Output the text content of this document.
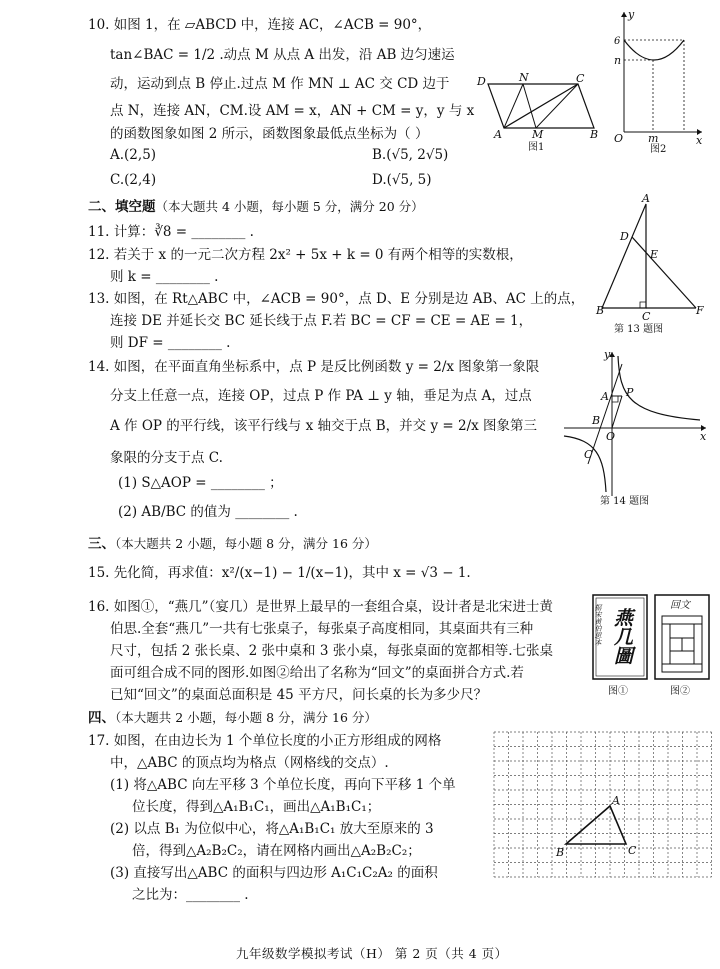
10. 如图 1，在 ▱ABCD 中，连接 AC，∠ACB = 90°，
tan∠BAC = 1/2 .动点 M 从点 A 出发，沿 AB 边匀速运
动，运动到点 B 停止.过点 M 作 MN ⊥ AC 交 CD 边于
点 N，连接 AN，CM.设 AM = x，AN + CM = y，y 与 x
的函数图象如图 2 所示，函数图象最低点坐标为（ ）
A.(2,5)	B.(√5, 2√5)
C.(2,4)	D.(√5, 5)
D	N	C
A	M	B
图1
y
6
n
O m	x
图2
二、填空题（本大题共 4 小题，每小题 5 分，满分 20 分）
11. 计算：∛8 = ________ .
12. 若关于 x 的一元二次方程 2x² + 5x + k = 0 有两个相等的实数根，
则 k = ________ .
13. 如图，在 Rt△ABC 中，∠ACB = 90°，点 D、E 分别是边 AB、AC 上的点，
连接 DE 并延长交 BC 延长线于点 F.若 BC = CF = CE = AE = 1，
则 DF = ________ .
A
D
E
B	C	F
第 13 题图
14. 如图，在平面直角坐标系中，点 P 是反比例函数 y = 2/x 图象第一象限
分支上任意一点，连接 OP，过点 P 作 PA ⊥ y 轴，垂足为点 A，过点
A 作 OP 的平行线，该平行线与 x 轴交于点 B，并交 y = 2/x 图象第三
象限的分支于点 C.
(1) S△AOP = ________ ；
(2) AB/BC 的值为 ________ .
y
A P
B
O	x
C
第 14 题图
三、（本大题共 2 小题，每小题 8 分，满分 16 分）
15. 先化简，再求值：x²/(x−1) − 1/(x−1)，其中 x = √3 − 1.
16. 如图①，“燕几”（宴几）是世界上最早的一套组合桌，设计者是北宋进士黄
伯思.全套“燕几”一共有七张桌子，每张桌子高度相同，其桌面共有三种
尺寸，包括 2 张长桌、2 张中桌和 3 张小桌，每张桌面的宽都相等.七张桌
面可组合成不同的图形.如图②给出了名称为“回文”的桌面拼合方式.若
已知“回文”的桌面总面积是 45 平方尺，问长桌的长为多少尺？
据宋黄伯思本 燕几圖
图①
回文
图②
四、（本大题共 2 小题，每小题 8 分，满分 16 分）
17. 如图，在由边长为 1 个单位长度的小正方形组成的网格
中，△ABC 的顶点均为格点（网格线的交点）.
(1) 将△ABC 向左平移 3 个单位长度，再向下平移 1 个单
位长度，得到△A₁B₁C₁，画出△A₁B₁C₁；
(2) 以点 B₁ 为位似中心，将△A₁B₁C₁ 放大至原来的 3
倍，得到△A₂B₂C₂，请在网格内画出△A₂B₂C₂；
(3) 直接写出△ABC 的面积与四边形 A₁C₁C₂A₂ 的面积
之比为：________ .
A
B	C
九年级数学模拟考试（H） 第 2 页（共 4 页）
